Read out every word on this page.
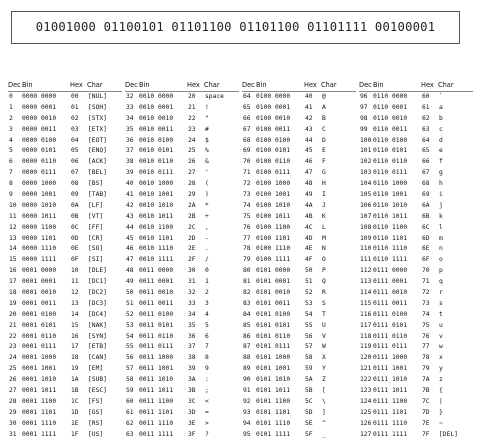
01001000 01100101 01101100 01101100 01101111 00100001
Dec Bin	Hex Char
0 0000 0000 00 [NUL]
1 0000 0001 01 [SOH]
2 0000 0010 02 [STX]
3 0000 0011 03 [ETX]
4 0000 0100 04 [EOT]
5 0000 0101 05 [ENQ]
6 0000 0110 06 [ACK]
7 0000 0111 07 [BEL]
8 0000 1000 08 [BS]
9 0000 1001 09 [TAB]
10 0000 1010 0A [LF]
11 0000 1011 0B [VT]
12 0000 1100 0C [FF]
13 0000 1101 0D [CR]
14 0000 1110 0E [SO]
15 0000 1111 0F [SI]
16 0001 0000 10 [DLE]
17 0001 0001 11 [DC1]
18 0001 0010 12 [DC2]
19 0001 0011 13 [DC3]
20 0001 0100 14 [DC4]
21 0001 0101 15 [NAK]
22 0001 0110 16 [SYN]
23 0001 0111 17 [ETB]
24 0001 1000 18 [CAN]
25 0001 1001 19 [EM]
26 0001 1010 1A [SUB]
27 0001 1011 1B [ESC]
28 0001 1100 1C [FS]
29 0001 1101 1D [GS]
30 0001 1110 1E [RS]
31 0001 1111 1F [US]
Dec Bin	Hex Char
32 0010 0000 20 space
33 0010 0001 21 !
34 0010 0010 22 "
35 0010 0011 23 #
36 0010 0100 24 $
37 0010 0101 25 %
38 0010 0110 26 &
39 0010 0111 27 '
40 0010 1000 28 (
41 0010 1001 29 )
42 0010 1010 2A *
43 0010 1011 2B +
44 0010 1100 2C ,
45 0010 1101 2D -
46 0010 1110 2E .
47 0010 1111 2F /
48 0011 0000 30 0
49 0011 0001 31 1
50 0011 0010 32 2
51 0011 0011 33 3
52 0011 0100 34 4
53 0011 0101 35 5
54 0011 0110 36 6
55 0011 0111 37 7
56 0011 1000 38 8
57 0011 1001 39 9
58 0011 1010 3A :
59 0011 1011 3B ;
60 0011 1100 3C <
61 0011 1101 3D =
62 0011 1110 3E >
63 0011 1111 3F ?
Dec Bin	Hex Char
64 0100 0000 40 @
65 0100 0001 41 A
66 0100 0010 42 B
67 0100 0011 43 C
68 0100 0100 44 D
69 0100 0101 45 E
70 0100 0110 46 F
71 0100 0111 47 G
72 0100 1000 48 H
73 0100 1001 49 I
74 0100 1010 4A J
75 0100 1011 4B K
76 0100 1100 4C L
77 0100 1101 4D M
78 0100 1110 4E N
79 0100 1111 4F O
80 0101 0000 50 P
81 0101 0001 51 Q
82 0101 0010 52 R
83 0101 0011 53 S
84 0101 0100 54 T
85 0101 0101 55 U
86 0101 0110 56 V
87 0101 0111 57 W
88 0101 1000 58 X
89 0101 1001 59 Y
90 0101 1010 5A Z
91 0101 1011 5B [
92 0101 1100 5C \
93 0101 1101 5D ]
94 0101 1110 5E ^
95 0101 1111 5F _
Dec Bin	Hex Char
96 0110 0000 60 `
97 0110 0001 61 a
98 0110 0010 62 b
99 0110 0011 63 c
100 0110 0100 64 d
101 0110 0101 65 e
102 0110 0110 66 f
103 0110 0111 67 g
104 0110 1000 68 h
105 0110 1001 69 i
106 0110 1010 6A j
107 0110 1011 6B k
108 0110 1100 6C l
109 0110 1101 6D m
110 0110 1110 6E n
111 0110 1111 6F o
112 0111 0000 70 p
113 0111 0001 71 q
114 0111 0010 72 r
115 0111 0011 73 s
116 0111 0100 74 t
117 0111 0101 75 u
118 0111 0110 76 v
119 0111 0111 77 w
120 0111 1000 78 x
121 0111 1001 79 y
122 0111 1010 7A z
123 0111 1011 7B {
124 0111 1100 7C |
125 0111 1101 7D }
126 0111 1110 7E ~
127 0111 1111 7F [DEL]
